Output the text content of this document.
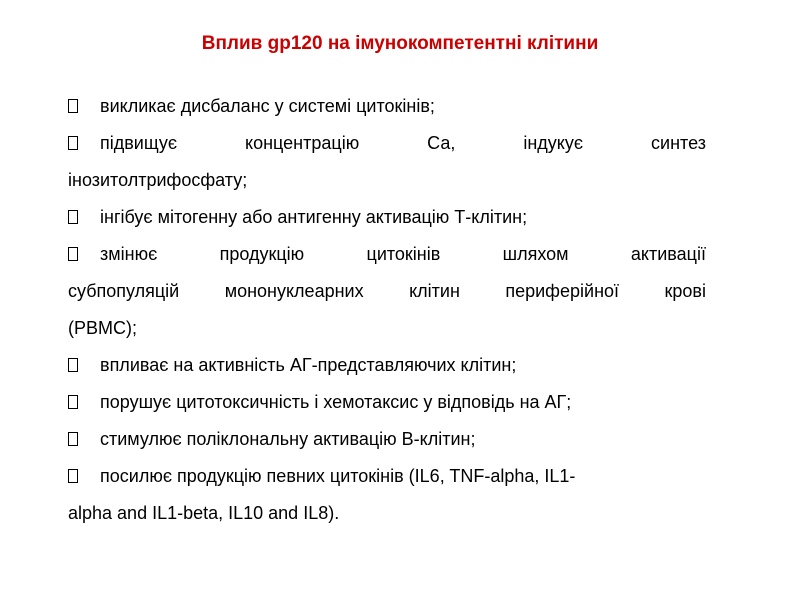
Вплив gp120 на імунокомпетентні клітини
викликає дисбаланс у системі цитокінів;
підвищує	концентрацію	Са,	індукує	синтез
інозитолтрифосфату;
інгібує мітогенну або антигенну активацію Т-клітин;
змінює	продукцію	цитокінів	шляхом	активації
субпопуляцій	мононуклеарних	клітин	периферійної	крові
(PBMC);
впливає на активність АГ-представляючих клітин;
порушує цитотоксичність і хемотаксис у відповідь на АГ;
стимулює поліклональну активацію В-клітин;
посилює продукцію певних цитокінів (IL6, TNF-alpha, IL1-
alpha and IL1-beta, IL10 and IL8).
